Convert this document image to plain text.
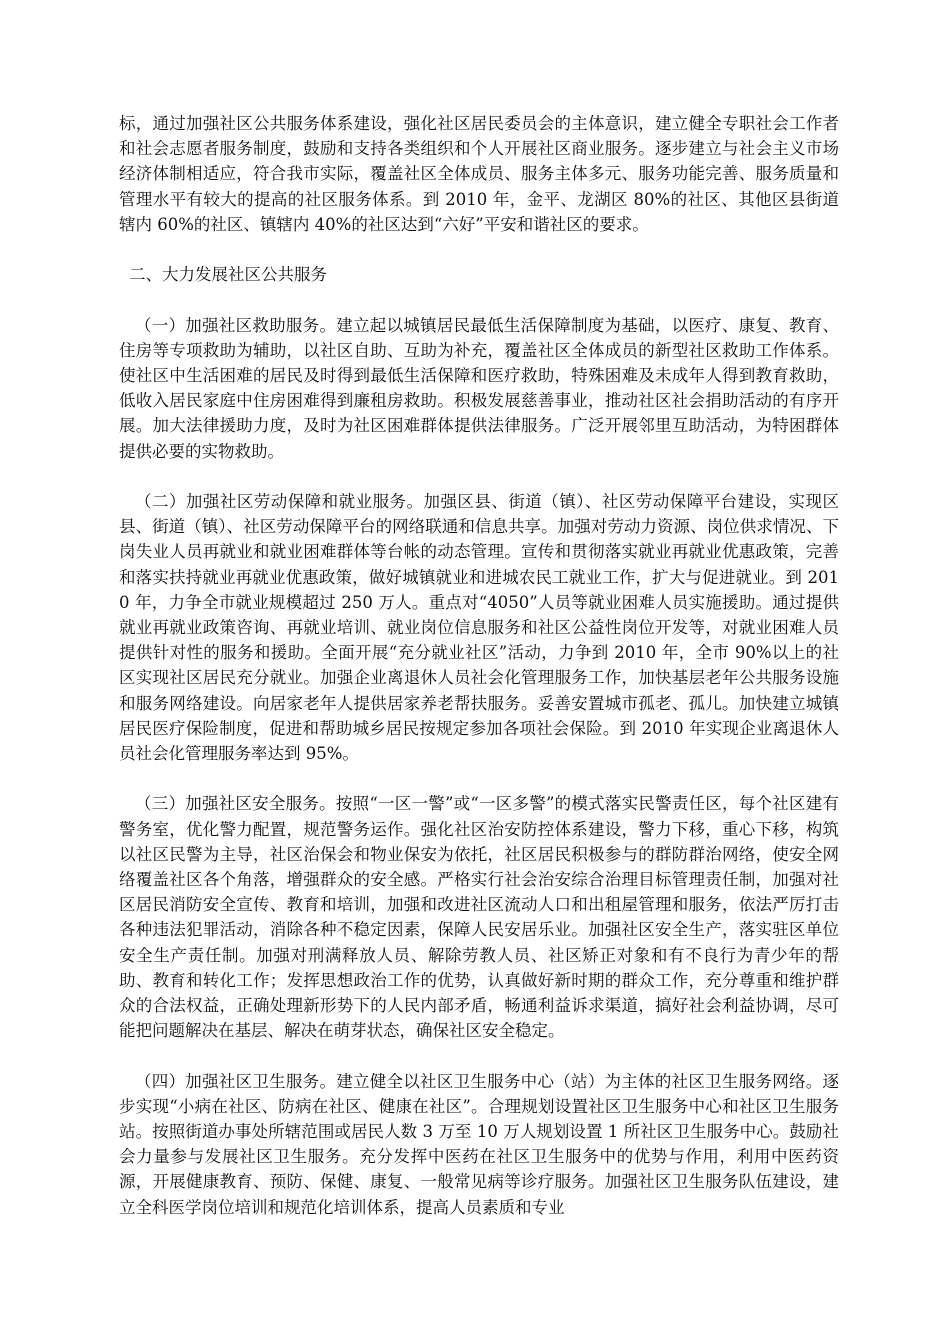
标，通过加强社区公共服务体系建设，强化社区居民委员会的主体意识，建立健全专职社会工作者和社会志愿者服务制度，鼓励和支持各类组织和个人开展社区商业服务。逐步建立与社会主义市场经济体制相适应，符合我市实际，覆盖社区全体成员、服务主体多元、服务功能完善、服务质量和管理水平有较大的提高的社区服务体系。到 2010 年，金平、龙湖区 80%的社区、其他区县街道辖内 60%的社区、镇辖内 40%的社区达到“六好”平安和谐社区的要求。

二、大力发展社区公共服务

（一）加强社区救助服务。建立起以城镇居民最低生活保障制度为基础，以医疗、康复、教育、住房等专项救助为辅助，以社区自助、互助为补充，覆盖社区全体成员的新型社区救助工作体系。使社区中生活困难的居民及时得到最低生活保障和医疗救助，特殊困难及未成年人得到教育救助，低收入居民家庭中住房困难得到廉租房救助。积极发展慈善事业，推动社区社会捐助活动的有序开展。加大法律援助力度，及时为社区困难群体提供法律服务。广泛开展邻里互助活动，为特困群体提供必要的实物救助。

（二）加强社区劳动保障和就业服务。加强区县、街道（镇）、社区劳动保障平台建设，实现区县、街道（镇）、社区劳动保障平台的网络联通和信息共享。加强对劳动力资源、岗位供求情况、下岗失业人员再就业和就业困难群体等台帐的动态管理。宣传和贯彻落实就业再就业优惠政策，完善和落实扶持就业再就业优惠政策，做好城镇就业和进城农民工就业工作，扩大与促进就业。到 2010 年，力争全市就业规模超过 250 万人。重点对“4050”人员等就业困难人员实施援助。通过提供就业再就业政策咨询、再就业培训、就业岗位信息服务和社区公益性岗位开发等，对就业困难人员提供针对性的服务和援助。全面开展“充分就业社区”活动，力争到 2010 年，全市 90%以上的社区实现社区居民充分就业。加强企业离退休人员社会化管理服务工作，加快基层老年公共服务设施和服务网络建设。向居家老年人提供居家养老帮扶服务。妥善安置城市孤老、孤儿。加快建立城镇居民医疗保险制度，促进和帮助城乡居民按规定参加各项社会保险。到 2010 年实现企业离退休人员社会化管理服务率达到 95%。

（三）加强社区安全服务。按照“一区一警”或“一区多警”的模式落实民警责任区，每个社区建有警务室，优化警力配置，规范警务运作。强化社区治安防控体系建设，警力下移，重心下移，构筑以社区民警为主导，社区治保会和物业保安为依托，社区居民积极参与的群防群治网络，使安全网络覆盖社区各个角落，增强群众的安全感。严格实行社会治安综合治理目标管理责任制，加强对社区居民消防安全宣传、教育和培训，加强和改进社区流动人口和出租屋管理和服务，依法严厉打击各种违法犯罪活动，消除各种不稳定因素，保障人民安居乐业。加强社区安全生产，落实驻区单位安全生产责任制。加强对刑满释放人员、解除劳教人员、社区矫正对象和有不良行为青少年的帮助、教育和转化工作；发挥思想政治工作的优势，认真做好新时期的群众工作，充分尊重和维护群众的合法权益，正确处理新形势下的人民内部矛盾，畅通利益诉求渠道，搞好社会利益协调，尽可能把问题解决在基层、解决在萌芽状态，确保社区安全稳定。

（四）加强社区卫生服务。建立健全以社区卫生服务中心（站）为主体的社区卫生服务网络。逐步实现“小病在社区、防病在社区、健康在社区”。合理规划设置社区卫生服务中心和社区卫生服务站。按照街道办事处所辖范围或居民人数 3 万至 10 万人规划设置 1 所社区卫生服务中心。鼓励社会力量参与发展社区卫生服务。充分发挥中医药在社区卫生服务中的优势与作用，利用中医药资源，开展健康教育、预防、保健、康复、一般常见病等诊疗服务。加强社区卫生服务队伍建设，建立全科医学岗位培训和规范化培训体系，提高人员素质和专业
